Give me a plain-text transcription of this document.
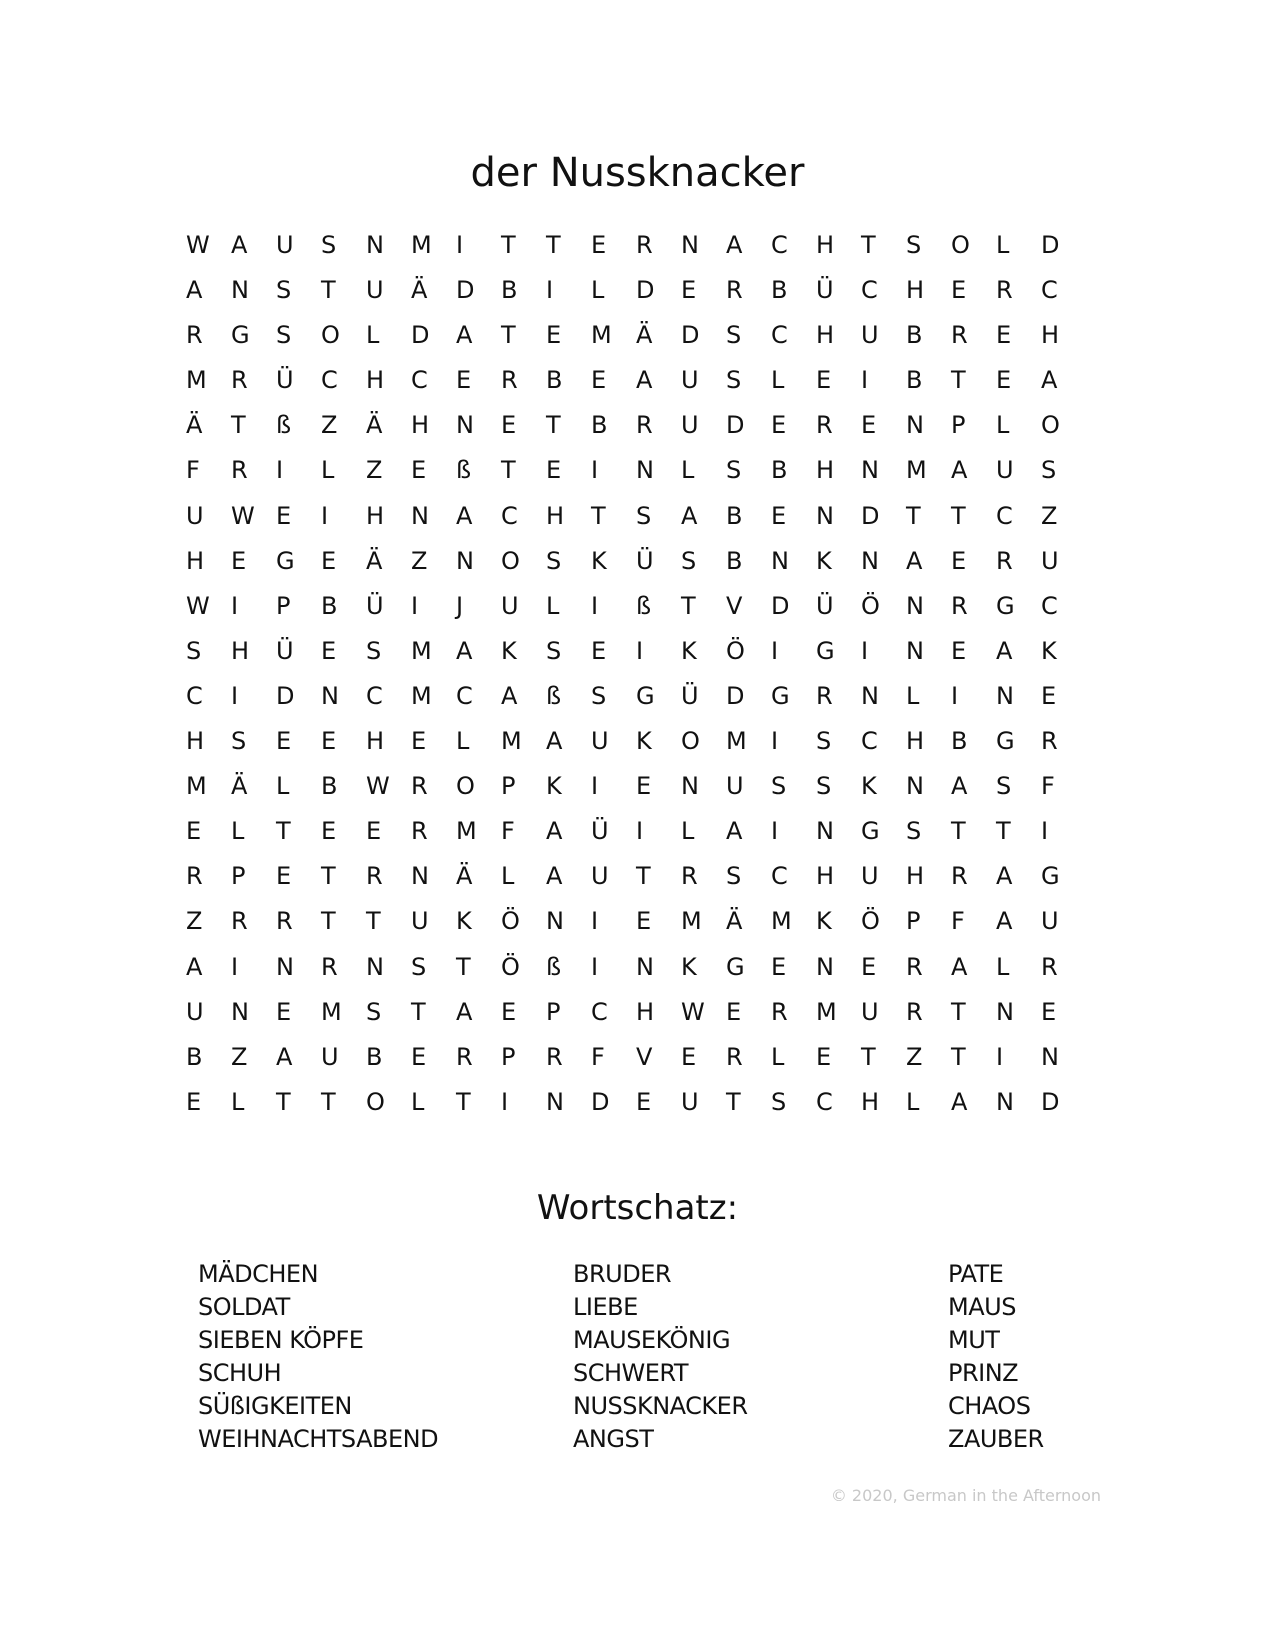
der Nussknacker
W A	U	S	N	M	I	T	T	E	R	N	A	C	H	T	S	O	L	D
A	N	S	T	U	Ä	D	B	I	L	D	E	R	B	Ü	C	H	E	R	C
R	G	S	O	L	D	A	T	E	M	Ä	D	S	C	H	U	B	R	E	H
M	R	Ü	C	H	C	E	R	B	E	A	U	S	L	E	I	B	T	E	A
Ä	T	ß	Z	Ä	H	N	E	T	B	R	U	D	E	R	E	N	P	L	O
F	R	I	L	Z	E	ß	T	E	I	N	L	S	B	H	N	M	A	U	S
U	W E	I	H	N	A	C	H	T	S	A	B	E	N	D	T	T	C	Z
H	E	G	E	Ä	Z	N	O	S	K	Ü	S	B	N	K	N	A	E	R	U
W I	P	B	Ü	I	J	U	L	I	ß	T	V	D	Ü	Ö	N	R	G	C
S	H	Ü	E	S	M	A	K	S	E	I	K	Ö	I	G	I	N	E	A	K
C	I	D	N	C	M	C	A	ß	S	G	Ü	D	G	R	N	L	I	N	E
H	S	E	E	H	E	L	M	A	U	K	O	M	I	S	C	H	B	G	R
M	Ä	L	B	W R	O	P	K	I	E	N	U	S	S	K	N	A	S	F
E	L	T	E	E	R	M	F	A	Ü	I	L	A	I	N	G	S	T	T	I
R	P	E	T	R	N	Ä	L	A	U	T	R	S	C	H	U	H	R	A	G
Z	R	R	T	T	U	K	Ö	N	I	E	M	Ä	M	K	Ö	P	F	A	U
A	I	N	R	N	S	T	Ö	ß	I	N	K	G	E	N	E	R	A	L	R
U	N	E	M	S	T	A	E	P	C	H	W E	R	M	U	R	T	N	E
B	Z	A	U	B	E	R	P	R	F	V	E	R	L	E	T	Z	T	I	N
E	L	T	T	O	L	T	I	N	D	E	U	T	S	C	H	L	A	N	D
Wortschatz:
MÄDCHEN
SOLDAT
SIEBEN KÖPFE
SCHUH
SÜßIGKEITEN
WEIHNACHTSABEND
BRUDER
LIEBE
MAUSEKÖNIG
SCHWERT
NUSSKNACKER
ANGST
PATE
MAUS
MUT
PRINZ
CHAOS
ZAUBER
© 2020, German in the Afternoon
